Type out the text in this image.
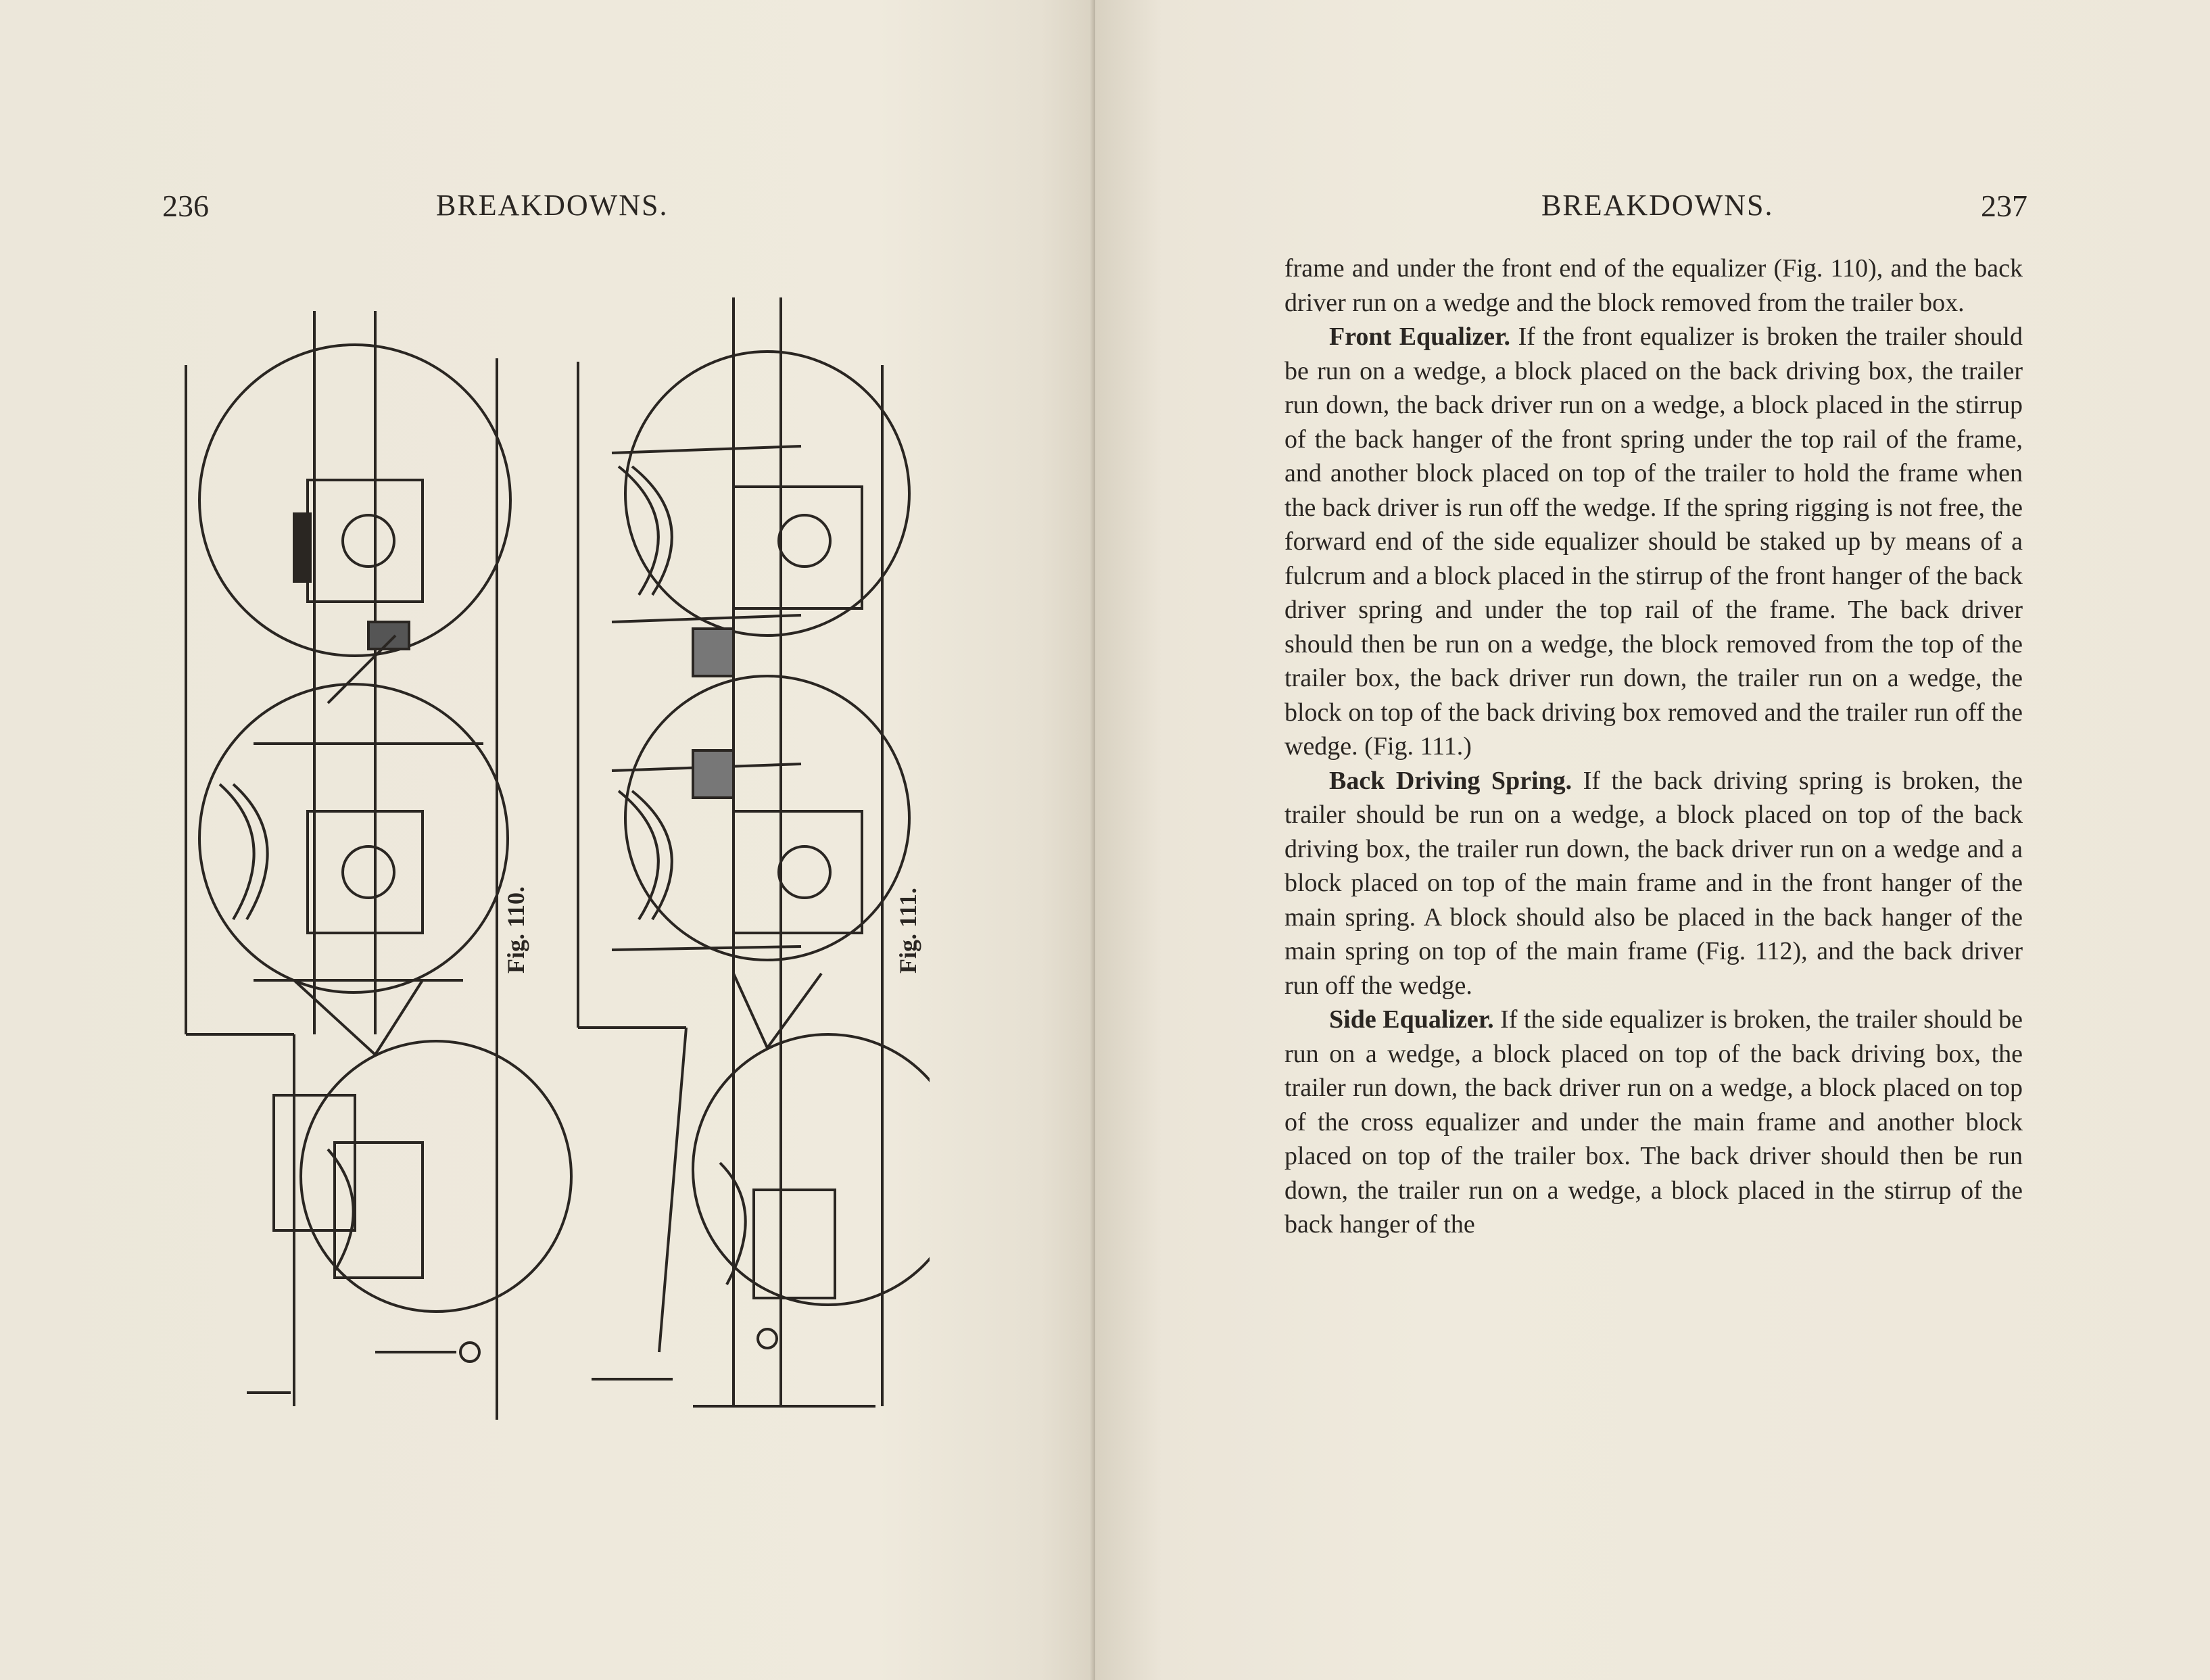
236	BREAKDOWNS.
Fig. 110.	Fig. 111.
BREAKDOWNS.	237

frame and under the front end of the equalizer (Fig. 110), and the back driver run on a wedge and the block removed from the trailer box.

Front Equalizer. If the front equalizer is broken the trailer should be run on a wedge, a block placed on the back driving box, the trailer run down, the back driver run on a wedge, a block placed in the stirrup of the back hanger of the front spring under the top rail of the frame, and another block placed on top of the trailer to hold the frame when the back driver is run off the wedge. If the spring rigging is not free, the forward end of the side equalizer should be staked up by means of a fulcrum and a block placed in the stirrup of the front hanger of the back driver spring and under the top rail of the frame. The back driver should then be run on a wedge, the block removed from the top of the trailer box, the back driver run down, the trailer run on a wedge, the block on top of the back driving box removed and the trailer run off the wedge. (Fig. 111.)

Back Driving Spring. If the back driving spring is broken, the trailer should be run on a wedge, a block placed on top of the back driving box, the trailer run down, the back driver run on a wedge and a block placed on top of the main frame and in the front hanger of the main spring. A block should also be placed in the back hanger of the main spring on top of the main frame (Fig. 112), and the back driver run off the wedge.

Side Equalizer. If the side equalizer is broken, the trailer should be run on a wedge, a block placed on top of the back driving box, the trailer run down, the back driver run on a wedge, a block placed on top of the cross equalizer and under the main frame and another block placed on top of the trailer box. The back driver should then be run down, the trailer run on a wedge, a block placed in the stirrup of the back hanger of the
